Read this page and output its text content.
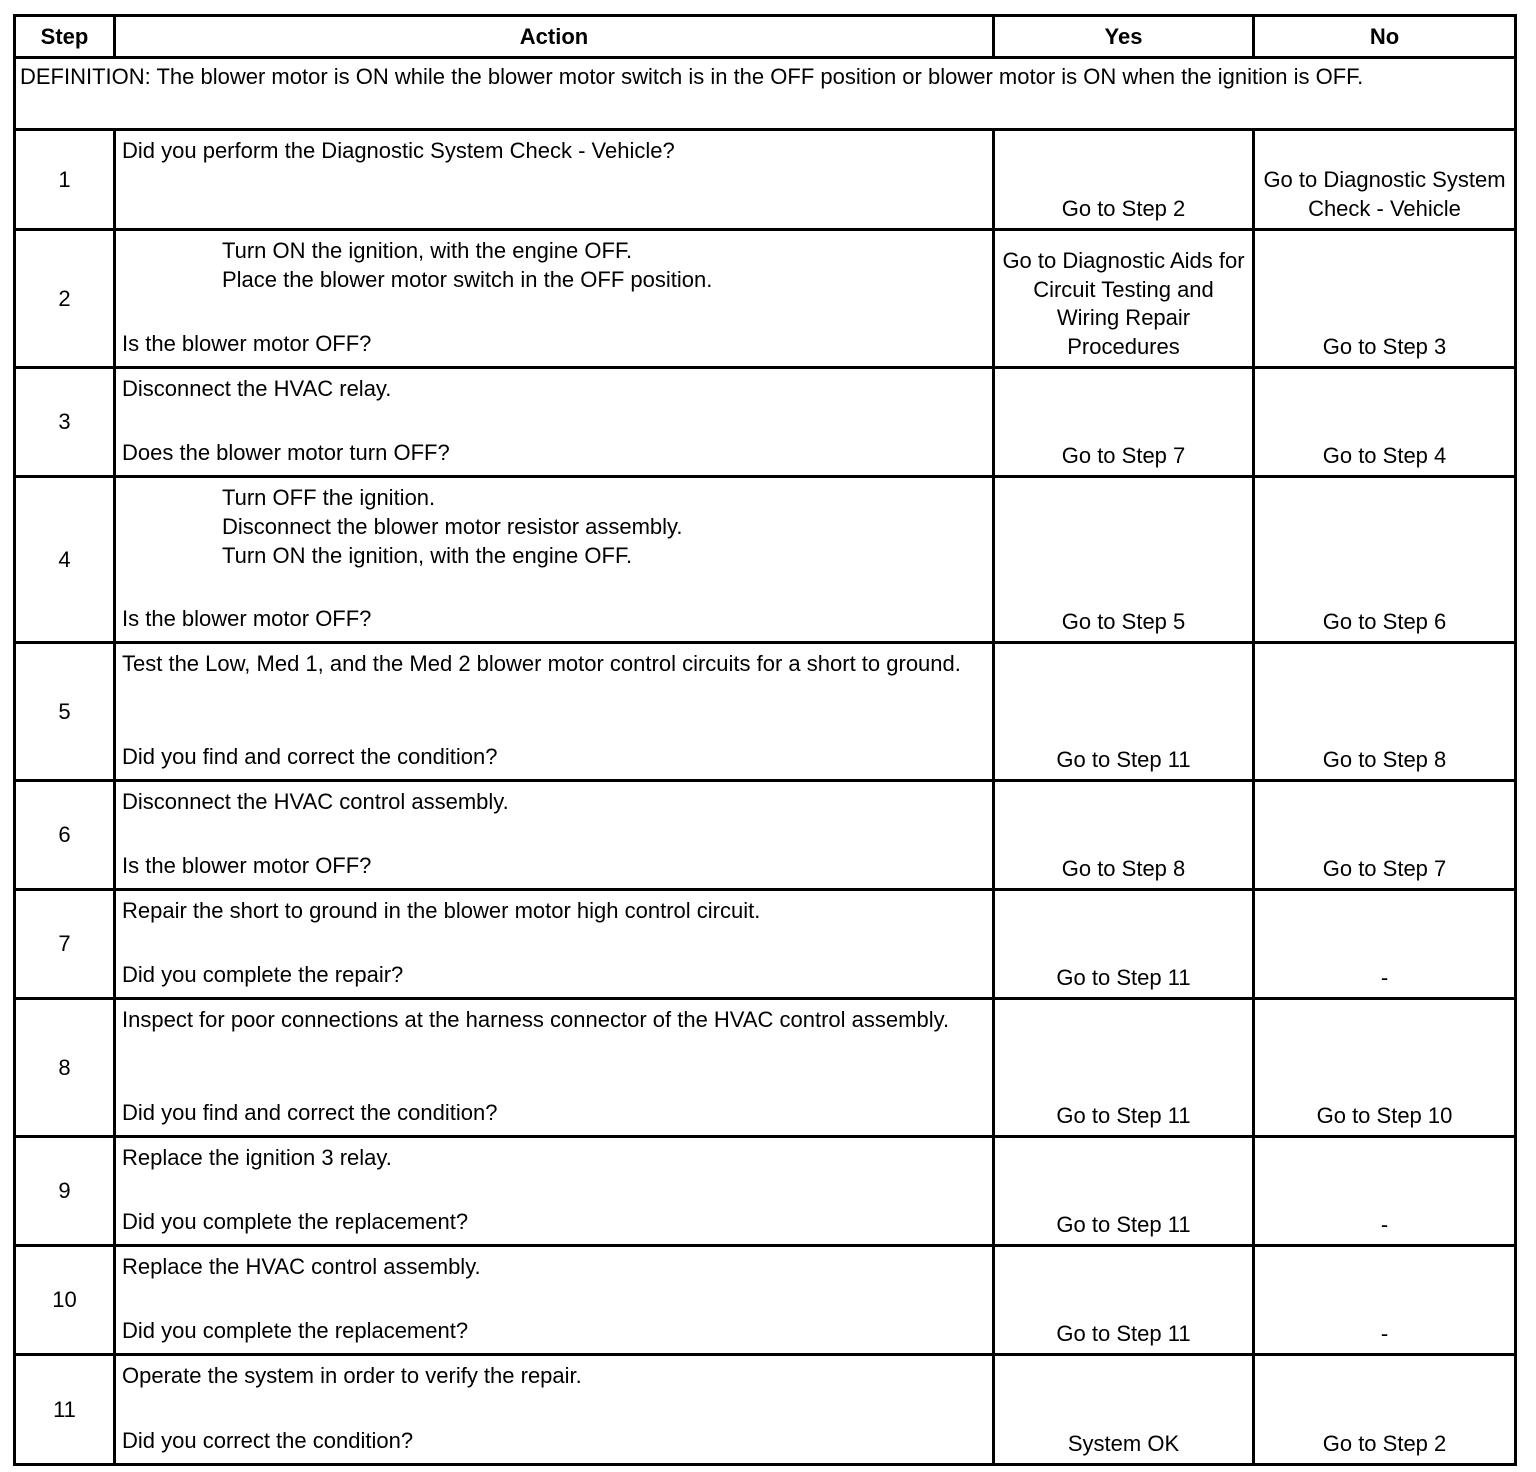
Step	Action	Yes	No
DEFINITION: The blower motor is ON while the blower motor switch is in the OFF position or blower motor is ON when the ignition is OFF.			
1	Did you perform the Diagnostic System Check - Vehicle?	Go to Step 2	Go to Diagnostic System Check - Vehicle
2	Turn ON the ignition, with the engine OFF.
Place the blower motor switch in the OFF position.
Is the blower motor OFF?	Go to Diagnostic Aids for Circuit Testing and Wiring Repair Procedures	Go to Step 3
3	Disconnect the HVAC relay.
Does the blower motor turn OFF?	Go to Step 7	Go to Step 4
4	Turn OFF the ignition.
Disconnect the blower motor resistor assembly.
Turn ON the ignition, with the engine OFF.
Is the blower motor OFF?	Go to Step 5	Go to Step 6
5	Test the Low, Med 1, and the Med 2 blower motor control circuits for a short to ground.
Did you find and correct the condition?	Go to Step 11	Go to Step 8
6	Disconnect the HVAC control assembly.
Is the blower motor OFF?	Go to Step 8	Go to Step 7
7	Repair the short to ground in the blower motor high control circuit.
Did you complete the repair?	Go to Step 11	-
8	Inspect for poor connections at the harness connector of the HVAC control assembly.
Did you find and correct the condition?	Go to Step 11	Go to Step 10
9	Replace the ignition 3 relay.
Did you complete the replacement?	Go to Step 11	-
10	Replace the HVAC control assembly.
Did you complete the replacement?	Go to Step 11	-
11	Operate the system in order to verify the repair.
Did you correct the condition?	System OK	Go to Step 2
